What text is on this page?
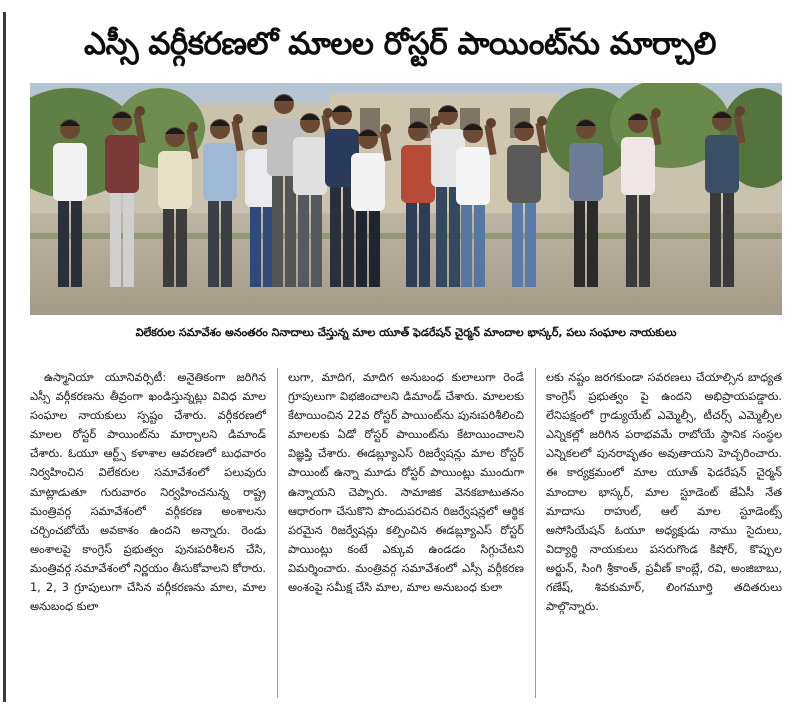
ఎస్సీ వర్గీకరణలో మాలల రోస్టర్ పాయింట్‌ను మార్చాలి

విలేకరుల సమావేశం అనంతరం నినాదాలు చేస్తున్న మాల యూత్ ఫెడరేషన్ చైర్మన్ మాందాల భాస్కర్, పలు సంఘాల నాయకులు

ఉస్మానియా యూనివర్సిటీ: అనైతికంగా జరిగిన ఎస్సీ వర్గీకరణను తీవ్రంగా ఖండిస్తున్నట్లు వివిధ మాల సంఘాల నాయకులు స్పష్టం చేశారు. వర్గీకరణలో మాలల రోస్టర్ పాయింట్‌ను మార్చాలని డిమాండ్ చేశారు. ఓయూ ఆర్ట్స్ కళాశాల ఆవరణలో బుధవారం నిర్వహించిన విలేకరుల సమావేశంలో పలువురు మాట్లాడుతూ గురువారం నిర్వహించనున్న రాష్ట్ర మంత్రివర్గ సమావేశంలో వర్గీకరణ అంశాలను చర్చించబోయే అవకాశం ఉందని అన్నారు. రెండు అంశాలపై కాంగ్రెస్ ప్రభుత్వం పునఃపరిశీలన చేసి, మంత్రివర్గ సమావేశంలో నిర్ణయం తీసుకోవాలని కోరారు. 1, 2, 3 గ్రూపులుగా చేసిన వర్గీకరణను మాల, మాల అనుబంధ కులా

లుగా, మాదిగ, మాదిగ అనుబంధ కులాలుగా రెండే గ్రూపులుగా విభజించాలని డిమాండ్ చేశారు. మాలలకు కేటాయించిన 22వ రోస్టర్ పాయింట్‌ను పునఃపరిశీలించి మాలలకు ఏడో రోస్టర్ పాయింట్‌ను కేటాయించాలని విజ్ఞప్తి చేశారు. ఈడబ్ల్యూఎస్ రిజర్వేషన్లు మాల రోస్టర్ పాయింట్ ఉన్నా మూడు రోస్టర్ పాయింట్లు ముందుగా ఉన్నాయని చెప్పారు. సామాజిక వెనకబాటుతనం ఆధారంగా చేసుకొని పొందుపరచిన రిజర్వేషన్లలో ఆర్థిక పరమైన రిజర్వేషన్లు కల్పించిన ఈడబ్ల్యూఎస్ రోస్టర్ పాయింట్లు కంటే ఎక్కువ ఉండడం సిగ్గుచేటని విమర్శించారు. మంత్రివర్గ సమావేశంలో ఎస్సీ వర్గీకరణ అంశంపై సమీక్ష చేసి మాల, మాల అనుబంధ కులా

లకు నష్టం జరగకుండా సవరణలు చేయాల్సిన బాధ్యత కాంగ్రెస్ ప్రభుత్వం పై ఉందని అభిప్రాయపడ్డారు. లేనిపక్షంలో గ్రాడ్యుయేట్ ఎమ్మెల్సీ, టీచర్స్ ఎమ్మెల్సీల ఎన్నికల్లో జరిగిన పరాభవమే రాబోయే స్థానిక సంస్థల ఎన్నికలలో పునరావృతం అవుతాయని హెచ్చరించారు. ఈ కార్యక్రమంలో మాల యూత్ ఫెడరేషన్ చైర్మన్ మాందాల భాస్కర్, మాల స్టూడెంట్ జేఏసీ నేత మాదాసు రాహుల్, ఆల్ మాల స్టూడెంట్స్ అసోసియేషన్ ఓయూ అధ్యక్షుడు నాము సైదులు, విద్యార్థి నాయకులు పసరుగొండ కిషోర్, కొప్పుల అర్జున్, సింగి శ్రీకాంత్, ప్రవీణ్ కాంబ్లే, రవి, అంజిబాబు, గణేష్, శివకుమార్, లింగమూర్తి తదితరులు పాల్గొన్నారు.
